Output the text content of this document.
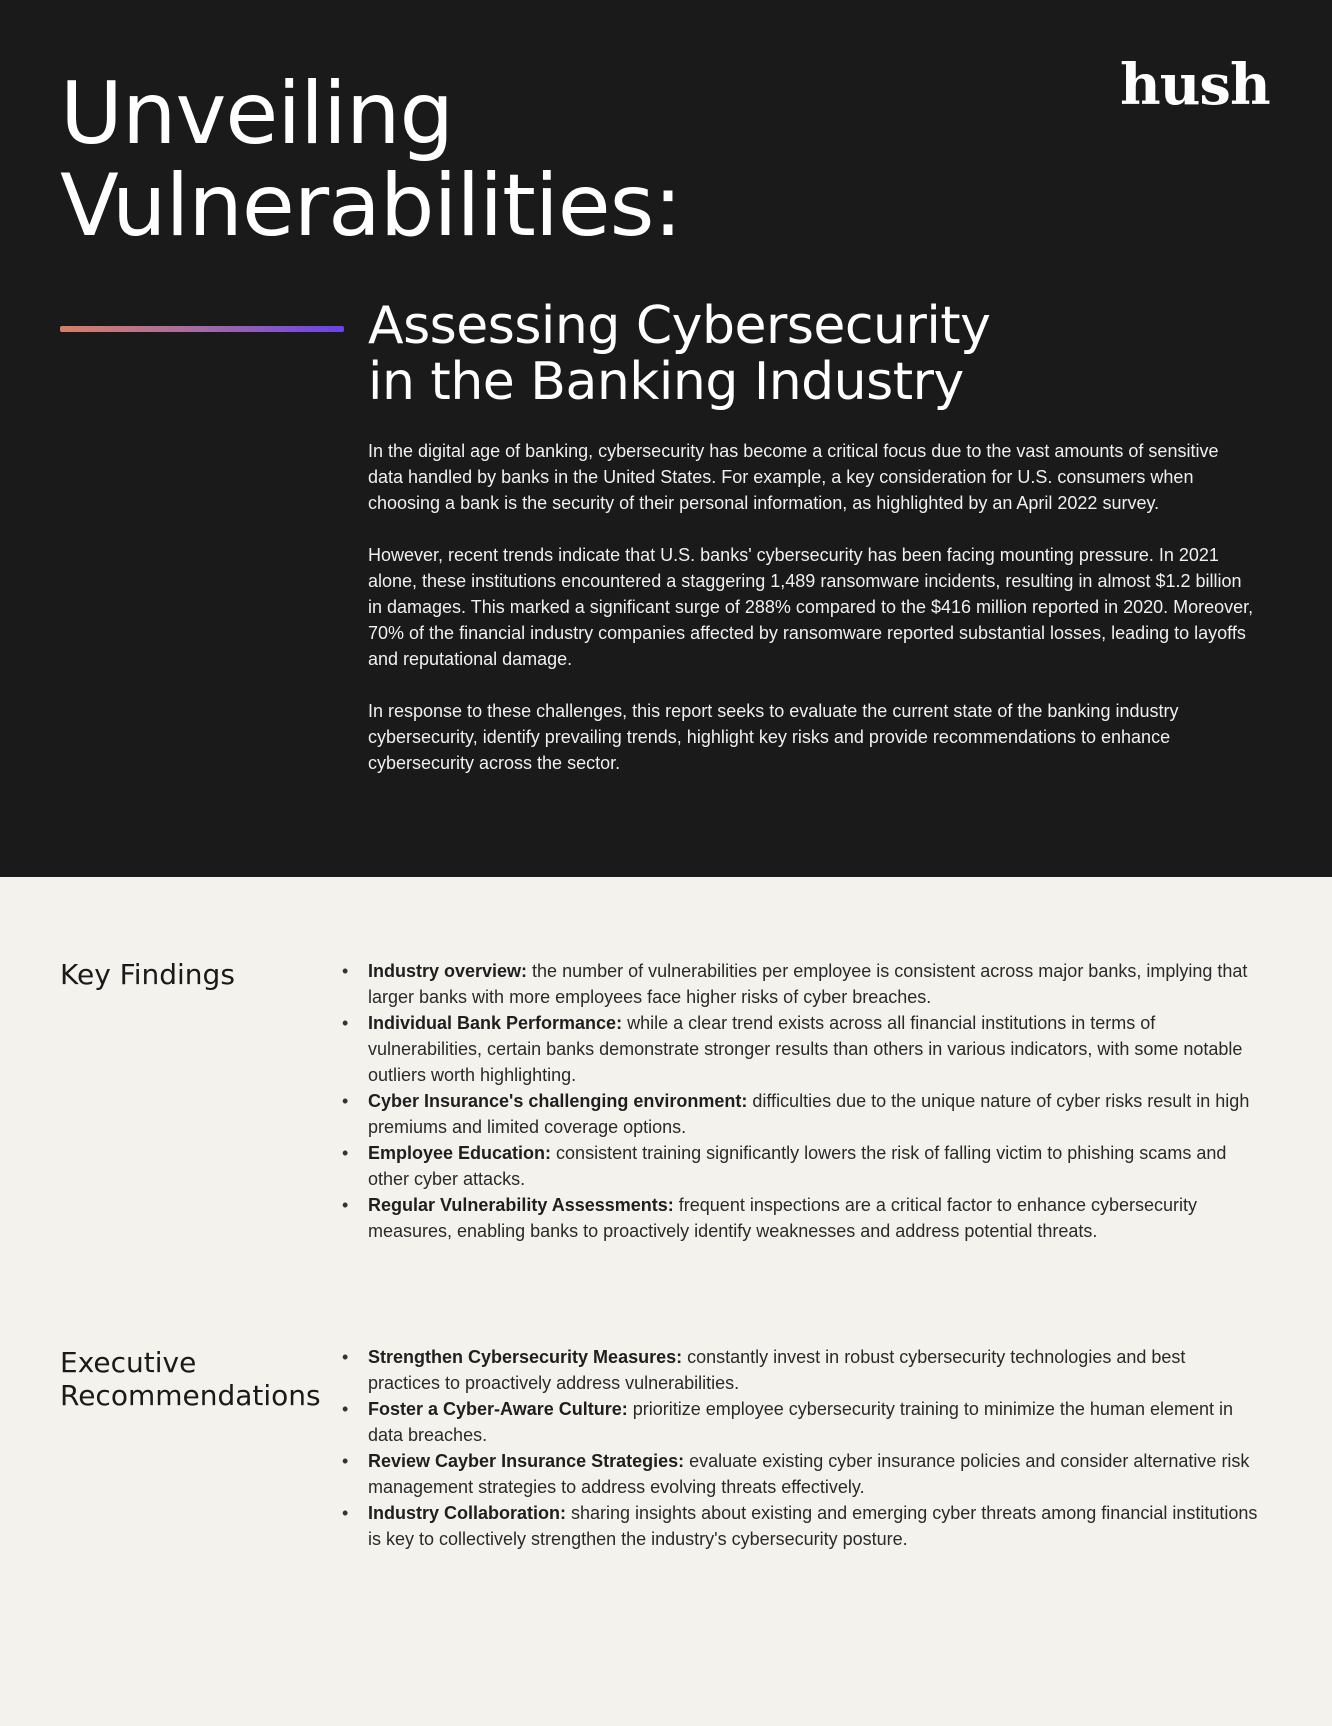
Unveiling
Vulnerabilities:
hush
Assessing Cybersecurity
in the Banking Industry

In the digital age of banking, cybersecurity has become a critical focus due to the vast amounts of sensitive data handled by banks in the United States. For example, a key consideration for U.S. consumers when choosing a bank is the security of their personal information, as highlighted by an April 2022 survey.

However, recent trends indicate that U.S. banks' cybersecurity has been facing mounting pressure. In 2021 alone, these institutions encountered a staggering 1,489 ransomware incidents, resulting in almost $1.2 billion in damages. This marked a significant surge of 288% compared to the $416 million reported in 2020. Moreover, 70% of the financial industry companies affected by ransomware reported substantial losses, leading to layoffs and reputational damage.

In response to these challenges, this report seeks to evaluate the current state of the banking industry cybersecurity, identify prevailing trends, highlight key risks and provide recommendations to enhance cybersecurity across the sector.

Key Findings
•	Industry overview: the number of vulnerabilities per employee is consistent across major banks, implying that larger banks with more employees face higher risks of cyber breaches.
• Individual Bank Performance: while a clear trend exists across all financial institutions in terms of vulnerabilities, certain banks demonstrate stronger results than others in various indicators, with some notable outliers worth highlighting.
• Cyber Insurance's challenging environment: difficulties due to the unique nature of cyber risks result in high premiums and limited coverage options.
• Employee Education: consistent training significantly lowers the risk of falling victim to phishing scams and other cyber attacks.
• Regular Vulnerability Assessments: frequent inspections are a critical factor to enhance cybersecurity measures, enabling banks to proactively identify weaknesses and address potential threats.
Executive
Recommendations
• Strengthen Cybersecurity Measures: constantly invest in robust cybersecurity technologies and best practices to proactively address vulnerabilities.
• Foster a Cyber-Aware Culture: prioritize employee cybersecurity training to minimize the human element in data breaches.
• Review Cayber Insurance Strategies: evaluate existing cyber insurance policies and consider alternative risk management strategies to address evolving threats effectively.
• Industry Collaboration: sharing insights about existing and emerging cyber threats among financial institutions is key to collectively strengthen the industry's cybersecurity posture.
